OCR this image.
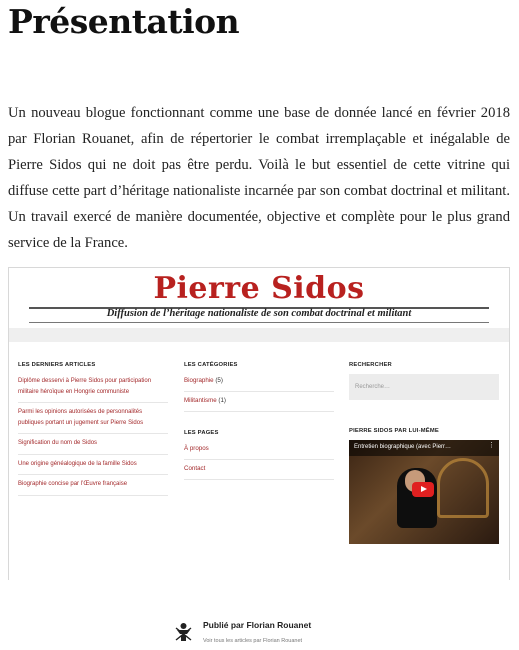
Présentation

Un nouveau blogue fonctionnant comme une base de donnée lancé en février 2018 par Florian Rouanet, afin de répertorier le combat irremplaçable et inégalable de Pierre Sidos qui ne doit pas être perdu. Voilà le but essentiel de cette vitrine qui diffuse cette part d’héritage nationaliste incarnée par son combat doctrinal et militant. Un travail exercé de manière documentée, objective et complète pour le plus grand service de la France.

Pierre Sidos
Diffusion de l’héritage nationaliste de son combat doctrinal et militant
LES DERNIERS ARTICLES
Diplôme desservi à Pierre Sidos pour participation militaire héroïque en Hongrie communiste
Parmi les opinions autorisées de personnalités publiques portant un jugement sur Pierre Sidos
Signification du nom de Sidos
Une origine généalogique de la famille Sidos
Biographie concise par l’Œuvre française
LES CATÉGORIES
Biographie (5)
Militantisme (1)
LES PAGES
À propos
Contact
RECHERCHER
Recherche…
PIERRE SIDOS PAR LUI-MÊME
Entretien biographique (avec Pierr…	⋮
Publié par Florian Rouanet
Voir tous les articles par Florian Rouanet
